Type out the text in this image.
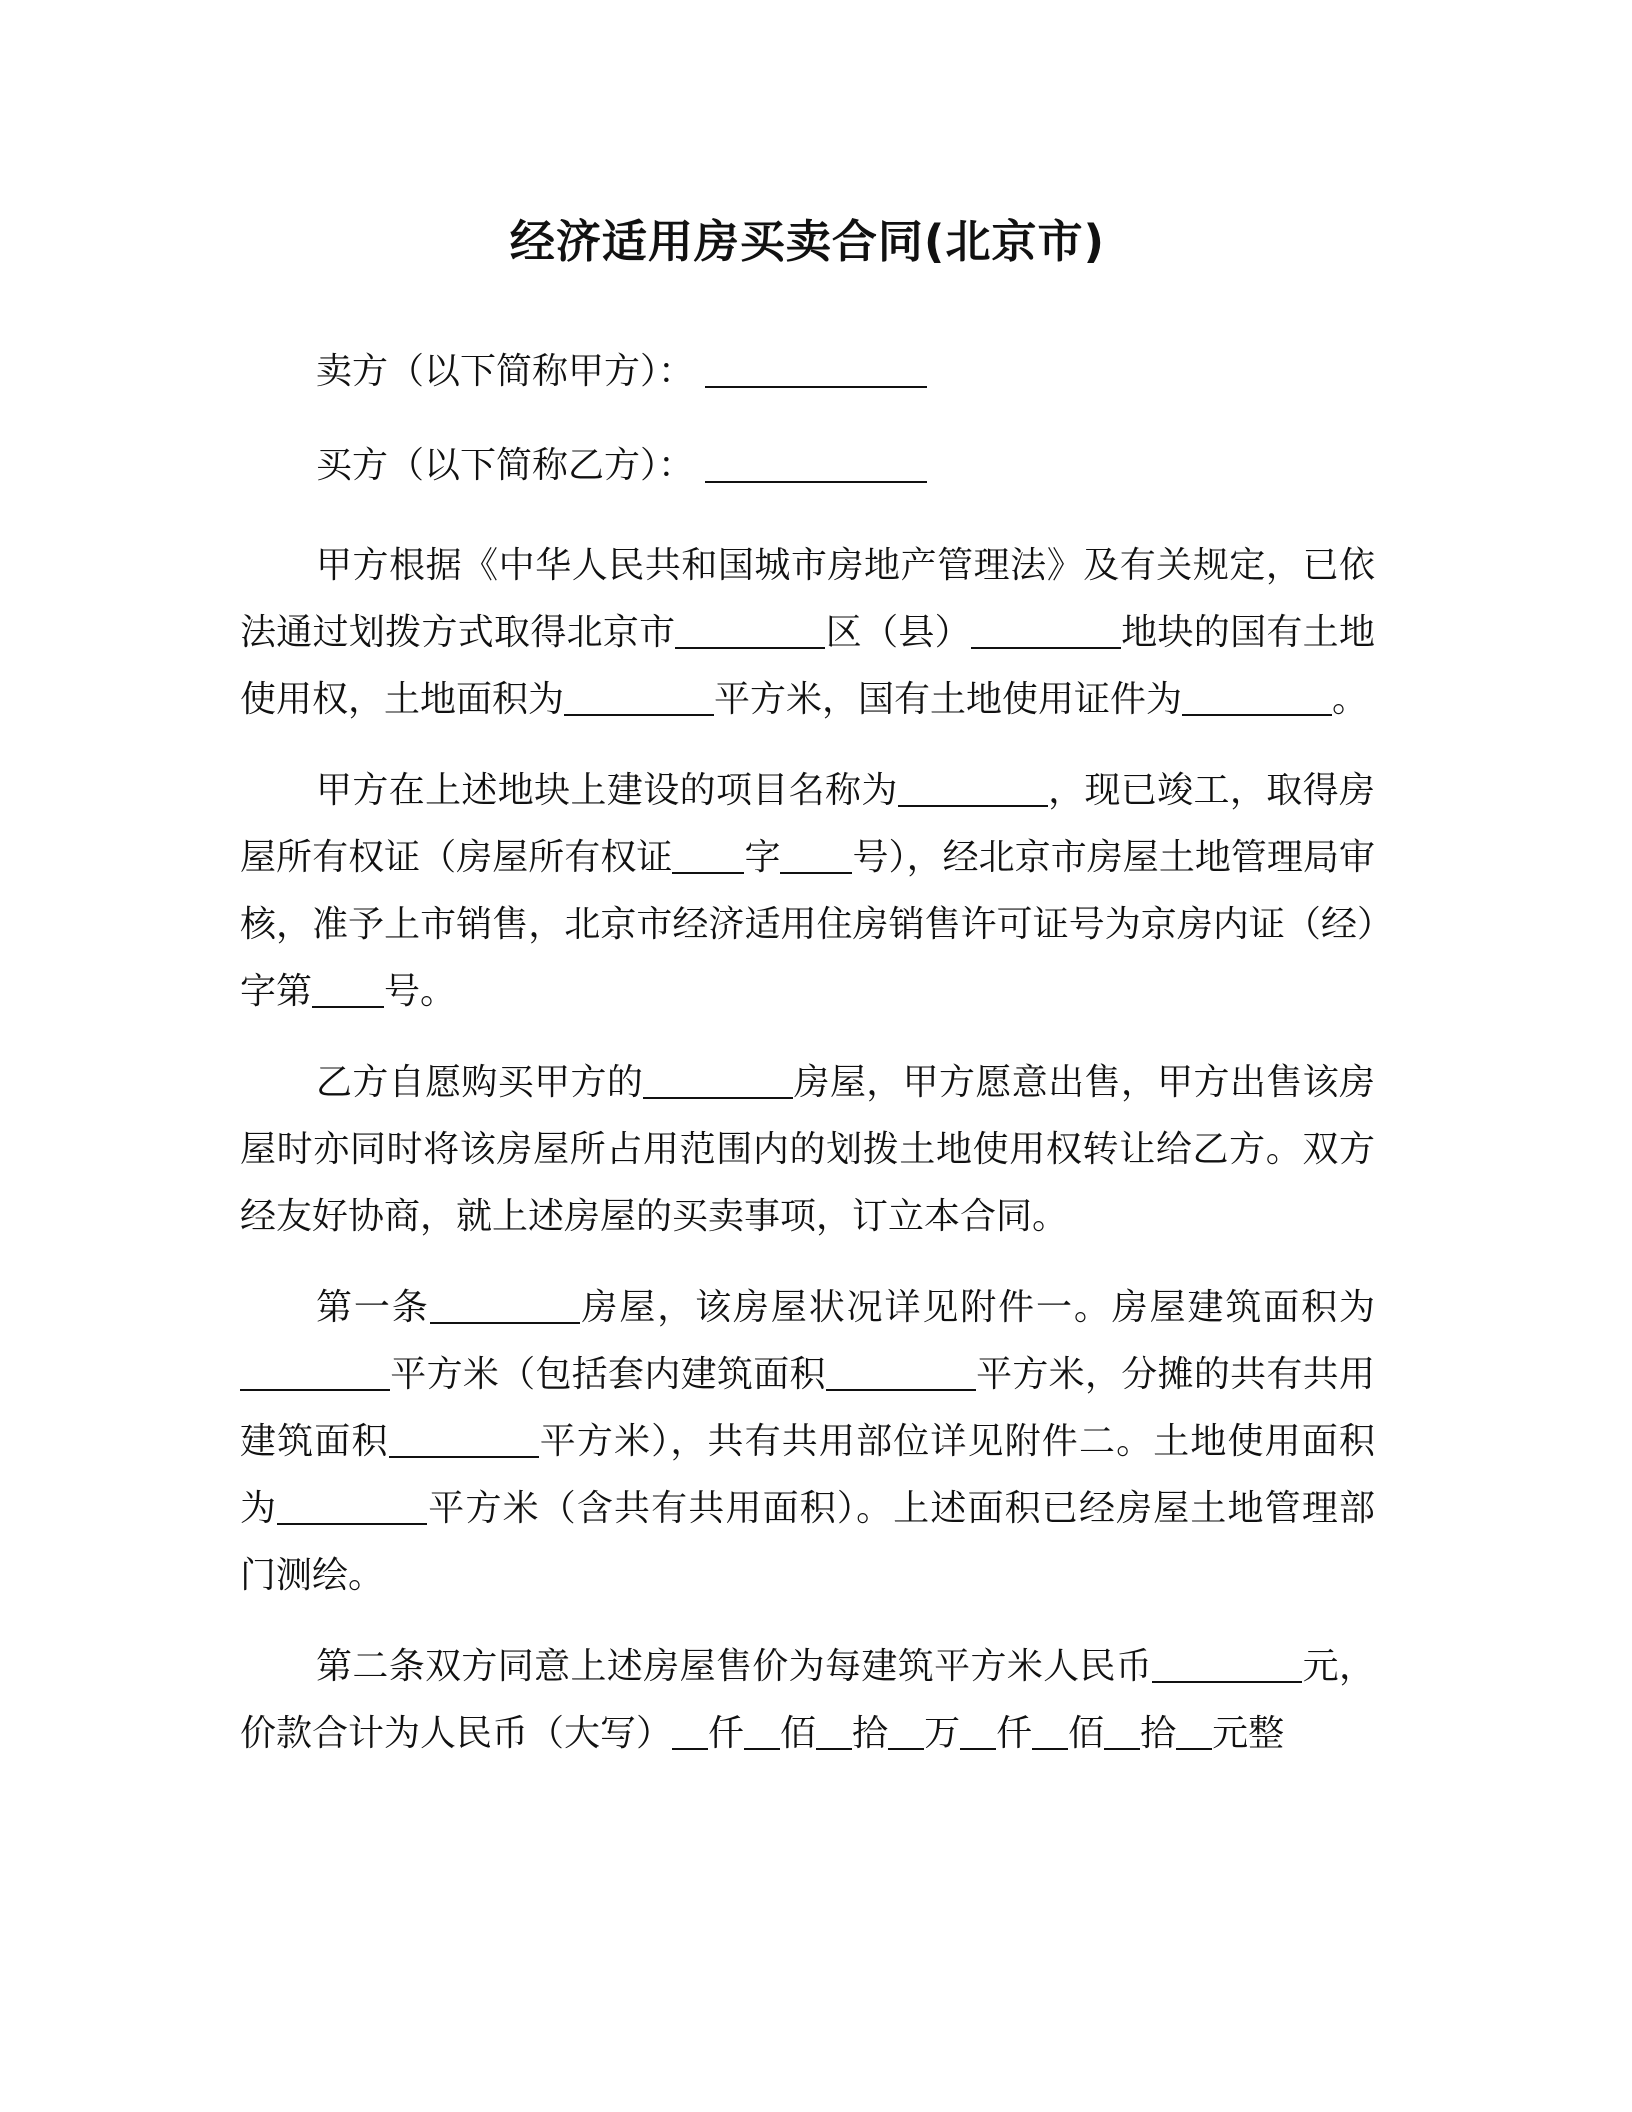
经济适用房买卖合同(北京市)

卖方（以下简称甲方）：

买方（以下简称乙方）：

甲方根据《中华人民共和国城市房地产管理法》及有关规定，已依法通过划拨方式取得北京市	区（县）	地块的国有土地使用权，土地面积为	平方米，国有土地使用证件为	。

甲方在上述地块上建设的项目名称为	，现已竣工，取得房屋所有权证（房屋所有权证 字 号），经北京市房屋土地管理局审核，准予上市销售，北京市经济适用住房销售许可证号为京房内证（经）字第 号。

乙方自愿购买甲方的	房屋，甲方愿意出售，甲方出售该房屋时亦同时将该房屋所占用范围内的划拨土地使用权转让给乙方。双方经友好协商，就上述房屋的买卖事项，订立本合同。

第一条	房屋，该房屋状况详见附件一。房屋建筑面积为平方米（包括套内建筑面积	平方米，分摊的共有共用建筑面积	平方米），共有共用部位详见附件二。土地使用面积为	平方米（含共有共用面积）。上述面积已经房屋土地管理部门测绘。

第二条双方同意上述房屋售价为每建筑平方米人民币	元，价款合计为人民币（大写） 仟 佰 拾 万 仟 佰 拾 元整
